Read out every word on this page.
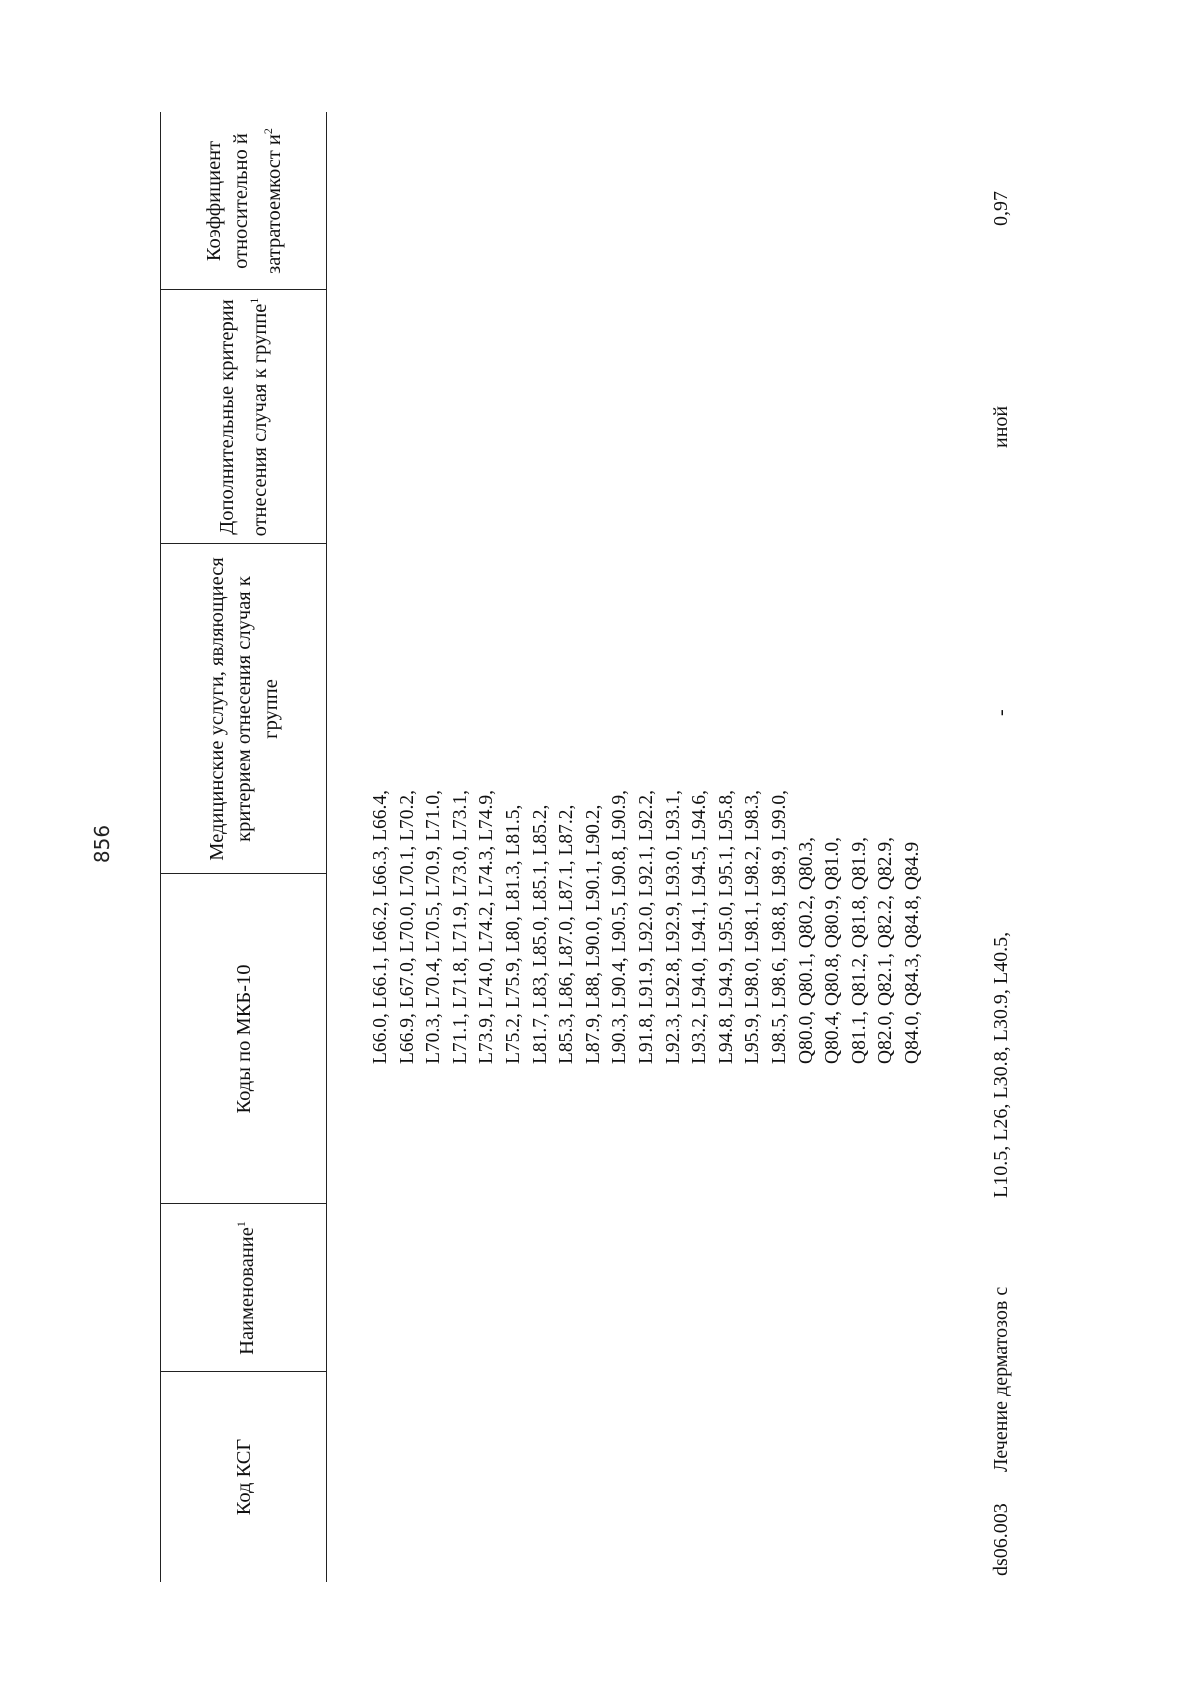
856
Код КСГ
Наименование$^1$
Коды по МКБ-10
Медицинские услуги, являющиеся критерием отнесения случая к группе
Дополнительные критерии отнесения случая к группе$^1$
Коэффициент относительно й затратоемкост $и^2$
L66.0, L66.1, L66.2, L66.3, L66.4,
L66.9, L67.0, L70.0, L70.1, L70.2,
L70.3, L70.4, L70.5, L70.9, L71.0,
L71.1, L71.8, L71.9, L73.0, L73.1,
L73.9, L74.0, L74.2, L74.3, L74.9,
L75.2, L75.9, L80, L81.3, L81.5,
L81.7, L83, L85.0, L85.1, L85.2,
L85.3, L86, L87.0, L87.1, L87.2,
L87.9, L88, L90.0, L90.1, L90.2,
L90.3, L90.4, L90.5, L90.8, L90.9,
L91.8, L91.9, L92.0, L92.1, L92.2,
L92.3, L92.8, L92.9, L93.0, L93.1,
L93.2, L94.0, L94.1, L94.5, L94.6,
L94.8, L94.9, L95.0, L95.1, L95.8,
L95.9, L98.0, L98.1, L98.2, L98.3,
L98.5, L98.6, L98.8, L98.9, L99.0,
Q80.0, Q80.1, Q80.2, Q80.3,
Q80.4, Q80.8, Q80.9, Q81.0,
Q81.1, Q81.2, Q81.8, Q81.9,
Q82.0, Q82.1, Q82.2, Q82.9,
Q84.0, Q84.3, Q84.8, Q84.9
ds06.003
Лечение дерматозов с
L10.5, L26, L30.8, L30.9, L40.5,
-
иной
0,97
